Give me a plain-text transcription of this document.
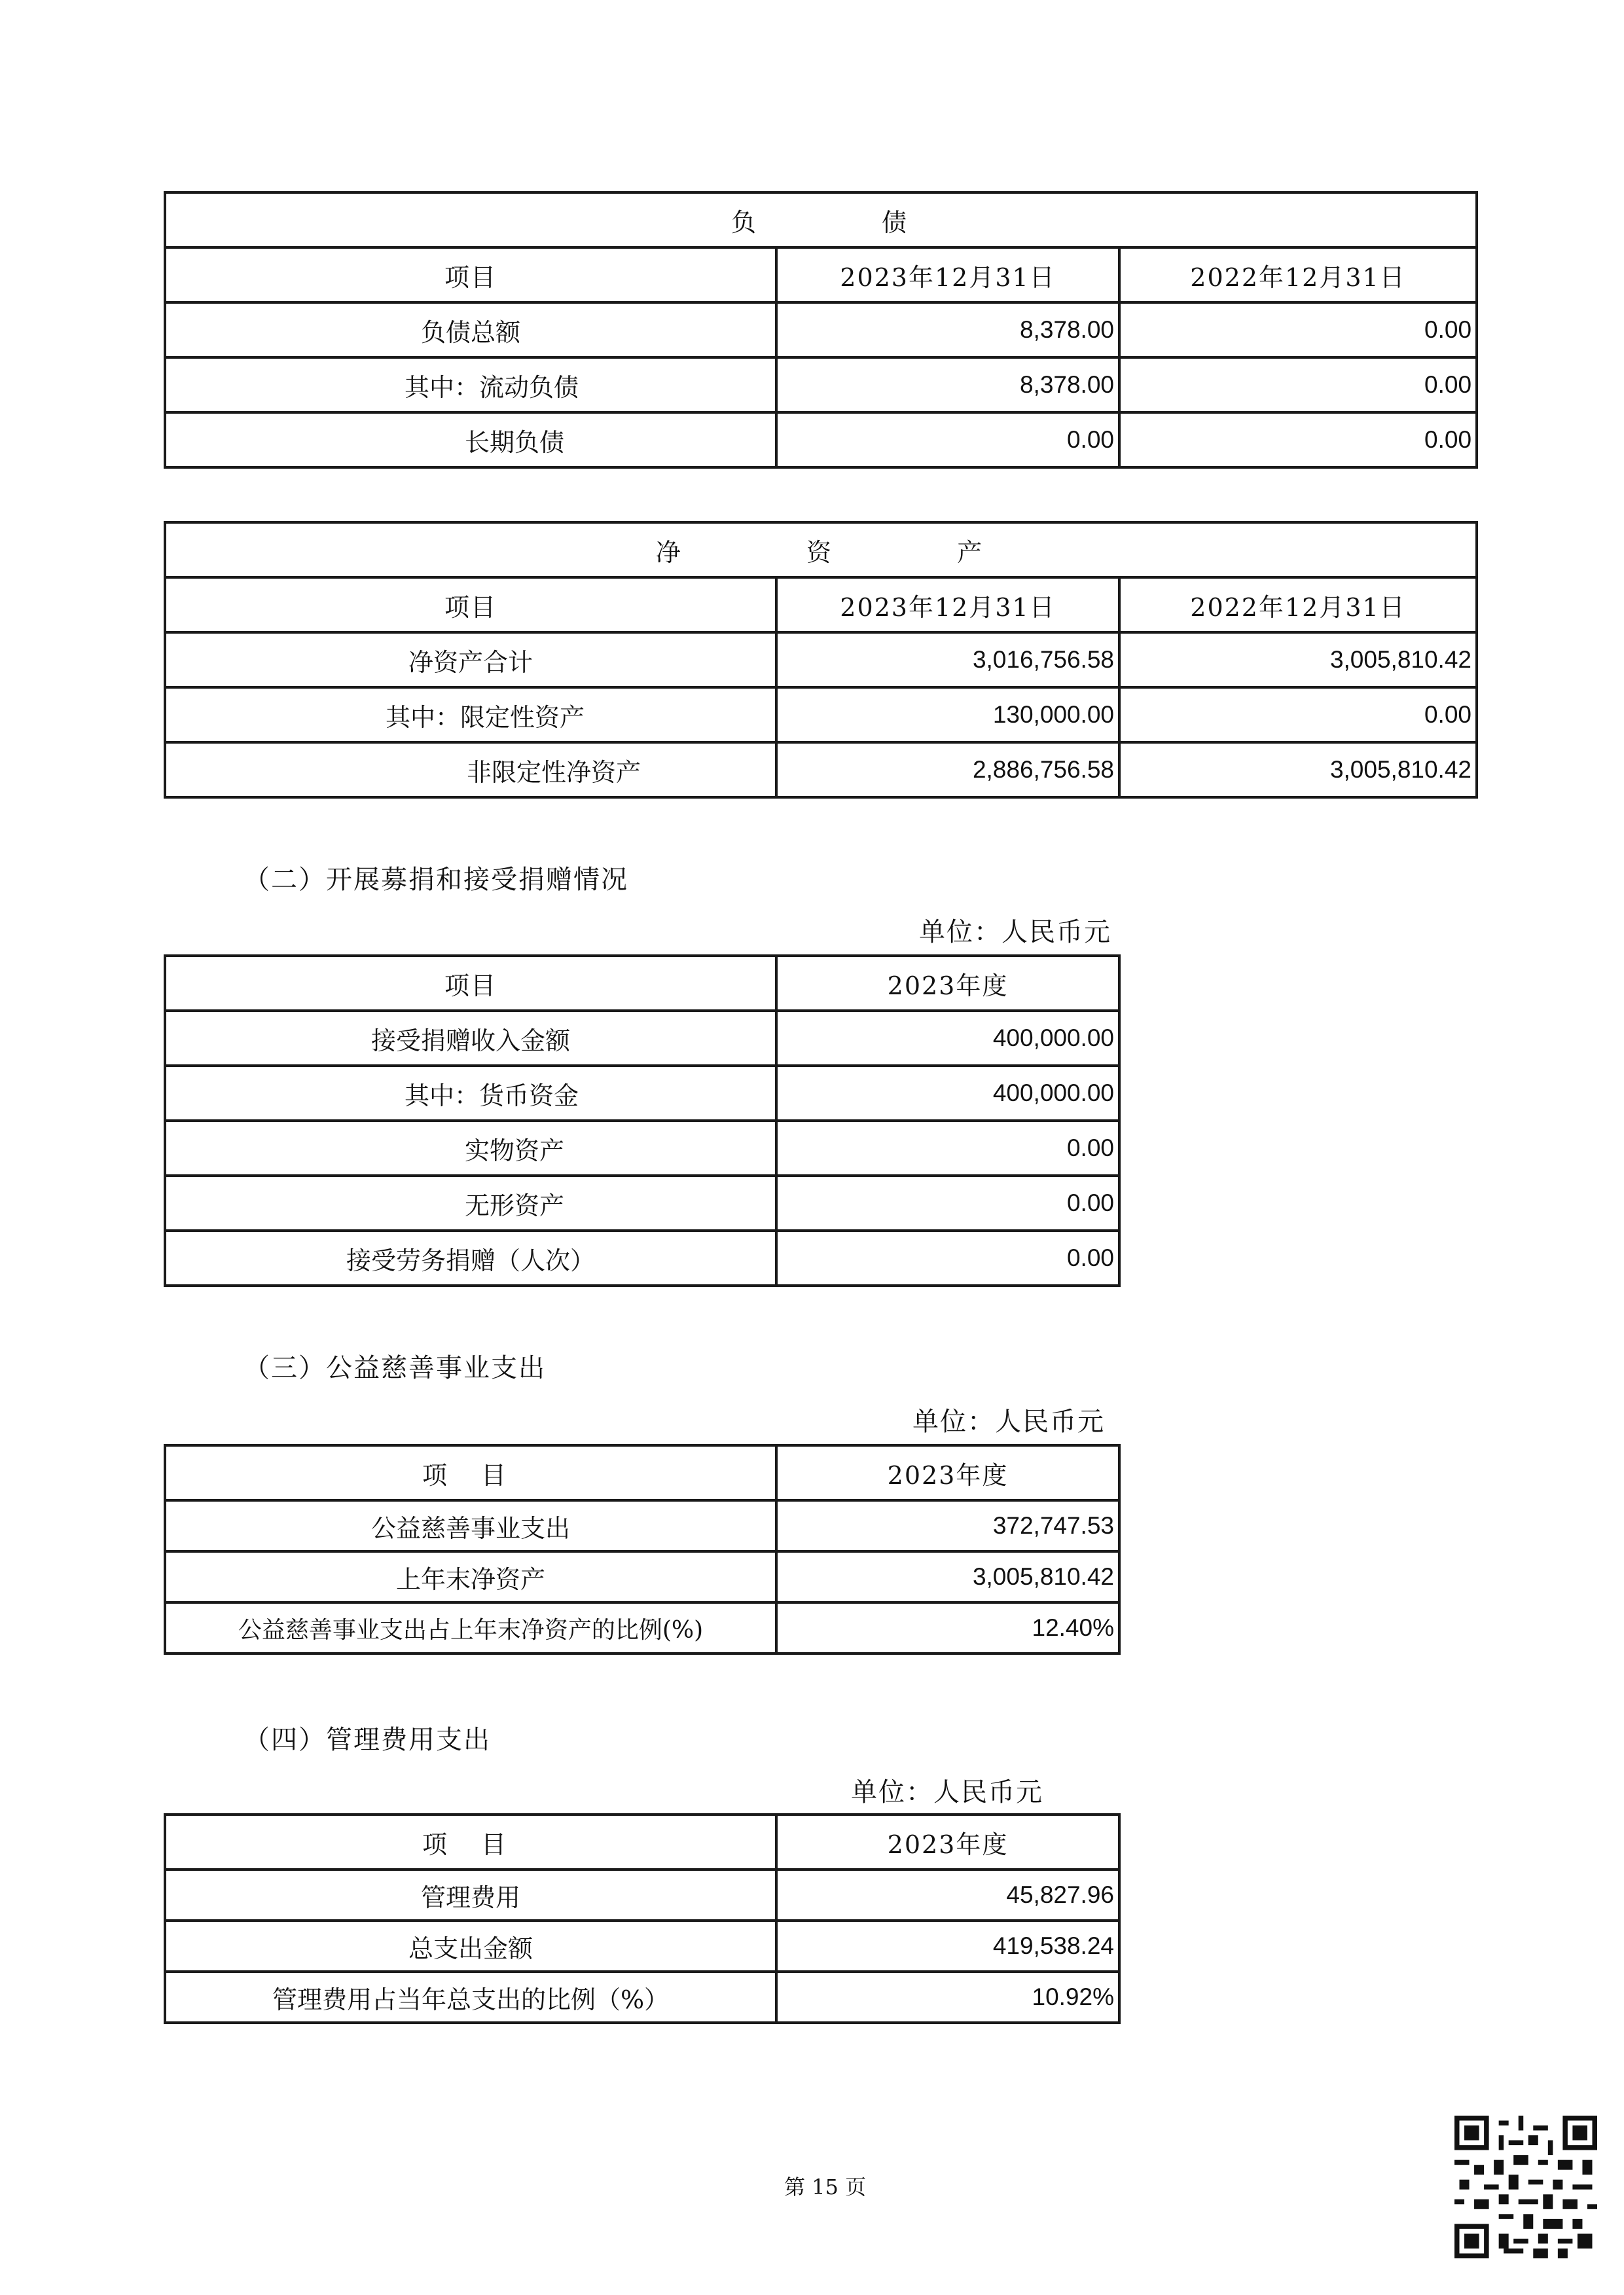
负 债		
项目	2023年12月31日	2022年12月31日
负债总额	8,378.00	0.00
其中：流动负债	8,378.00	0.00
长期负债	0.00	0.00
净 资 产		
项目	2023年12月31日	2022年12月31日
净资产合计	3,016,756.58	3,005,810.42
其中：限定性资产	130,000.00	0.00
非限定性净资产	2,886,756.58	3,005,810.42
（二）开展募捐和接受捐赠情况
单位：人民币元
项目	2023年度
接受捐赠收入金额	400,000.00
其中：货币资金	400,000.00
实物资产	0.00
无形资产	0.00
接受劳务捐赠（人次）	0.00
（三）公益慈善事业支出
单位：人民币元
项 目	2023年度
公益慈善事业支出	372,747.53
上年末净资产	3,005,810.42
公益慈善事业支出占上年末净资产的比例(%)	12.40%
（四）管理费用支出
单位：人民币元
项 目	2023年度
管理费用	45,827.96
总支出金额	419,538.24
管理费用占当年总支出的比例（%）	10.92%
第 15 页
